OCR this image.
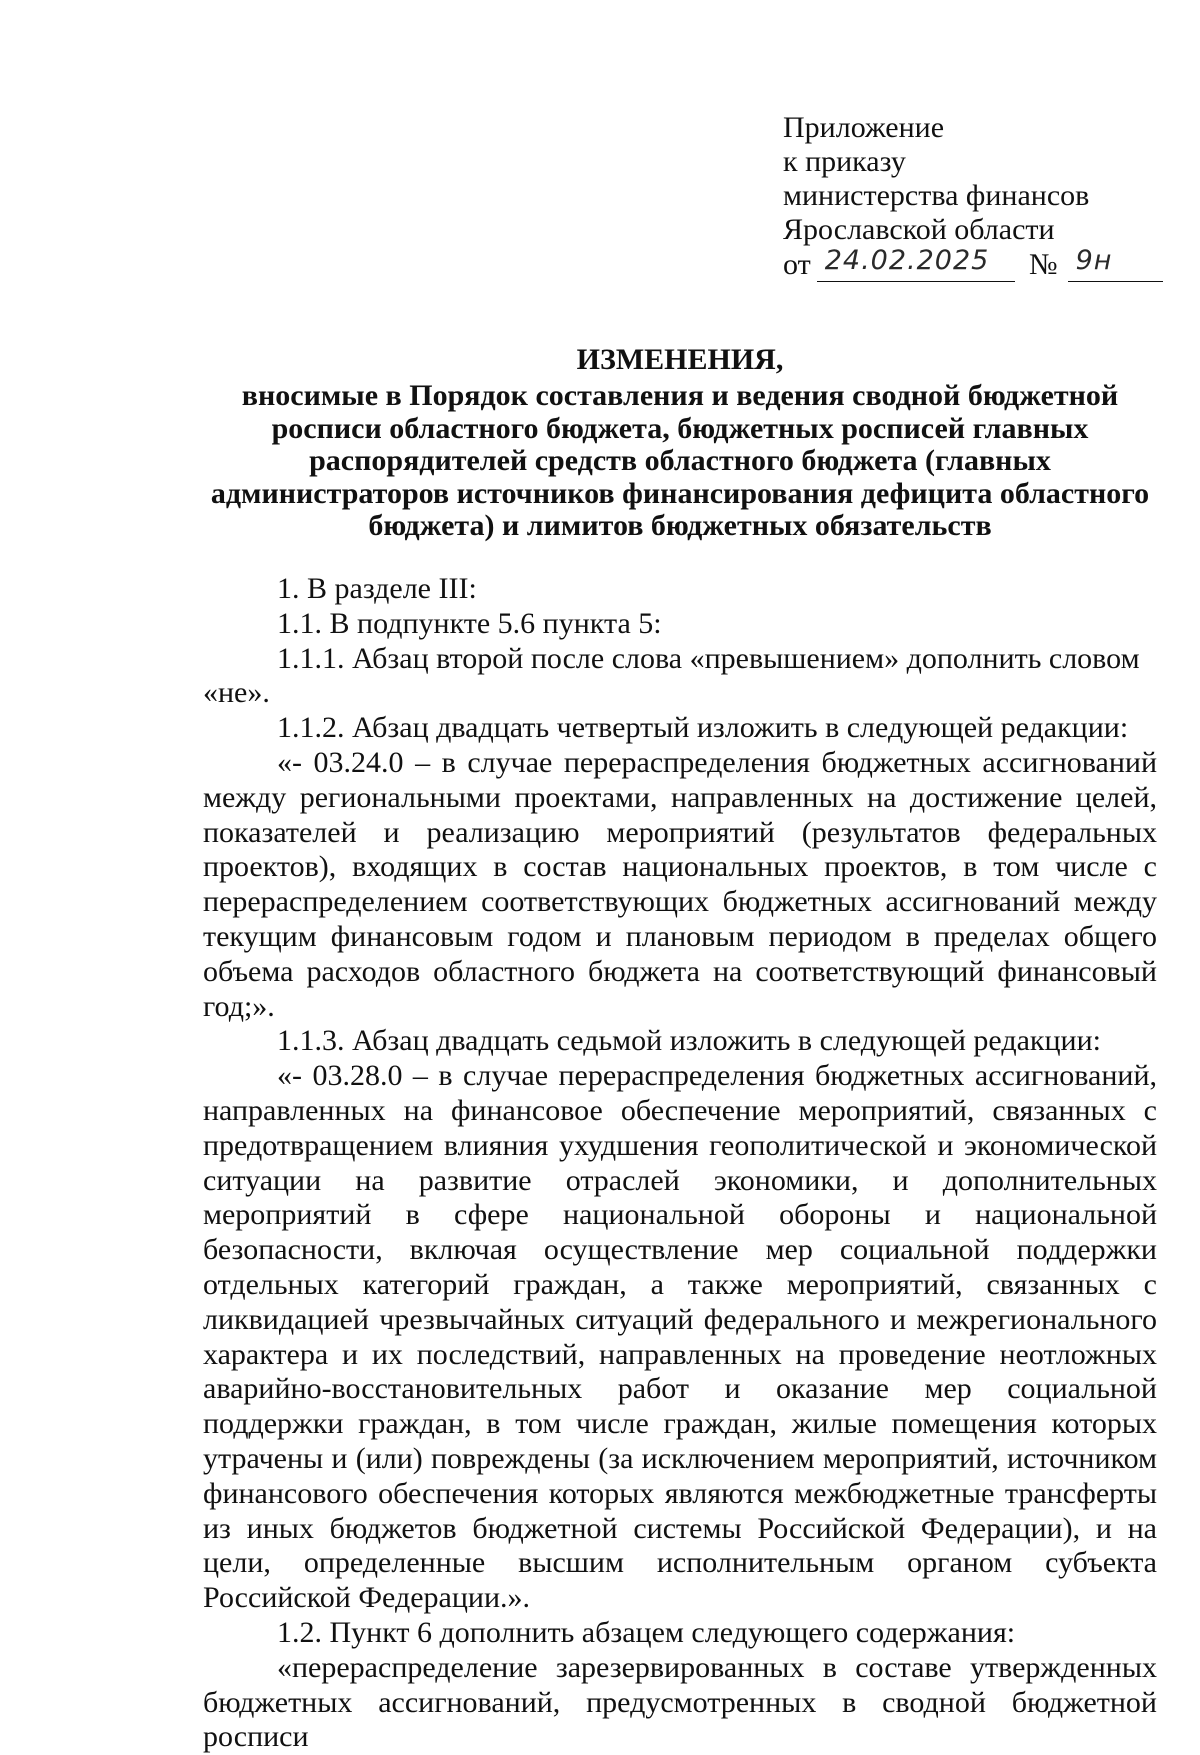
Приложение
к приказу
министерства финансов
Ярославской области
от 24.02.2025 № 9н
ИЗМЕНЕНИЯ,
вносимые в Порядок составления и ведения сводной бюджетной росписи областного бюджета, бюджетных росписей главных распорядителей средств областного бюджета (главных администраторов источников финансирования дефицита областного бюджета) и лимитов бюджетных обязательств

1. В разделе III:

1.1. В подпункте 5.6 пункта 5:

1.1.1. Абзац второй после слова «превышением» дополнить словом «не».

1.1.2. Абзац двадцать четвертый изложить в следующей редакции:

«- 03.24.0 – в случае перераспределения бюджетных ассигнований между региональными проектами, направленных на достижение целей, показателей и реализацию мероприятий (результатов федеральных проектов), входящих в состав национальных проектов, в том числе с перераспределением соответствующих бюджетных ассигнований между текущим финансовым годом и плановым периодом в пределах общего объема расходов областного бюджета на соответствующий финансовый год;».

1.1.3. Абзац двадцать седьмой изложить в следующей редакции:

«- 03.28.0 – в случае перераспределения бюджетных ассигнований, направленных на финансовое обеспечение мероприятий, связанных с предотвращением влияния ухудшения геополитической и экономической ситуации на развитие отраслей экономики, и дополнительных мероприятий в сфере национальной обороны и национальной безопасности, включая осуществление мер социальной поддержки отдельных категорий граждан, а также мероприятий, связанных с ликвидацией чрезвычайных ситуаций федерального и межрегионального характера и их последствий, направленных на проведение неотложных аварийно-восстановительных работ и оказание мер социальной поддержки граждан, в том числе граждан, жилые помещения которых утрачены и (или) повреждены (за исключением мероприятий, источником финансового обеспечения которых являются межбюджетные трансферты из иных бюджетов бюджетной системы Российской Федерации), и на цели, определенные высшим исполнительным органом субъекта Российской Федерации.».

1.2. Пункт 6 дополнить абзацем следующего содержания:

«перераспределение зарезервированных в составе утвержденных бюджетных ассигнований, предусмотренных в сводной бюджетной росписи
